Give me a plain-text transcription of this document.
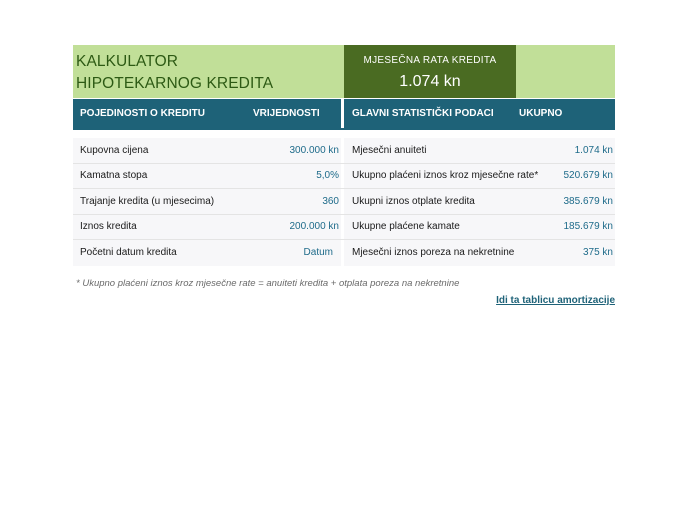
KALKULATOR
HIPOTEKARNOG KREDITA
MJESEČNA RATA KREDITA
1.074 kn
POJEDINOSTI O KREDITU	VRIJEDNOSTI	GLAVNI STATISTIČKI PODACI	UKUPNO
Kupovna cijena	300.000 kn Mjesečni anuiteti	1.074 kn
Kamatna stopa	5,0% Ukupno plaćeni iznos kroz mjesečne rate*	520.679 kn
Trajanje kredita (u mjesecima)	360 Ukupni iznos otplate kredita	385.679 kn
Iznos kredita	200.000 kn Ukupne plaćene kamate	185.679 kn
Početni datum kredita	Datum	Mjesečni iznos poreza na nekretnine	375 kn
* Ukupno plaćeni iznos kroz mjesečne rate = anuiteti kredita + otplata poreza na nekretnine
Idi ta tablicu amortizacije
